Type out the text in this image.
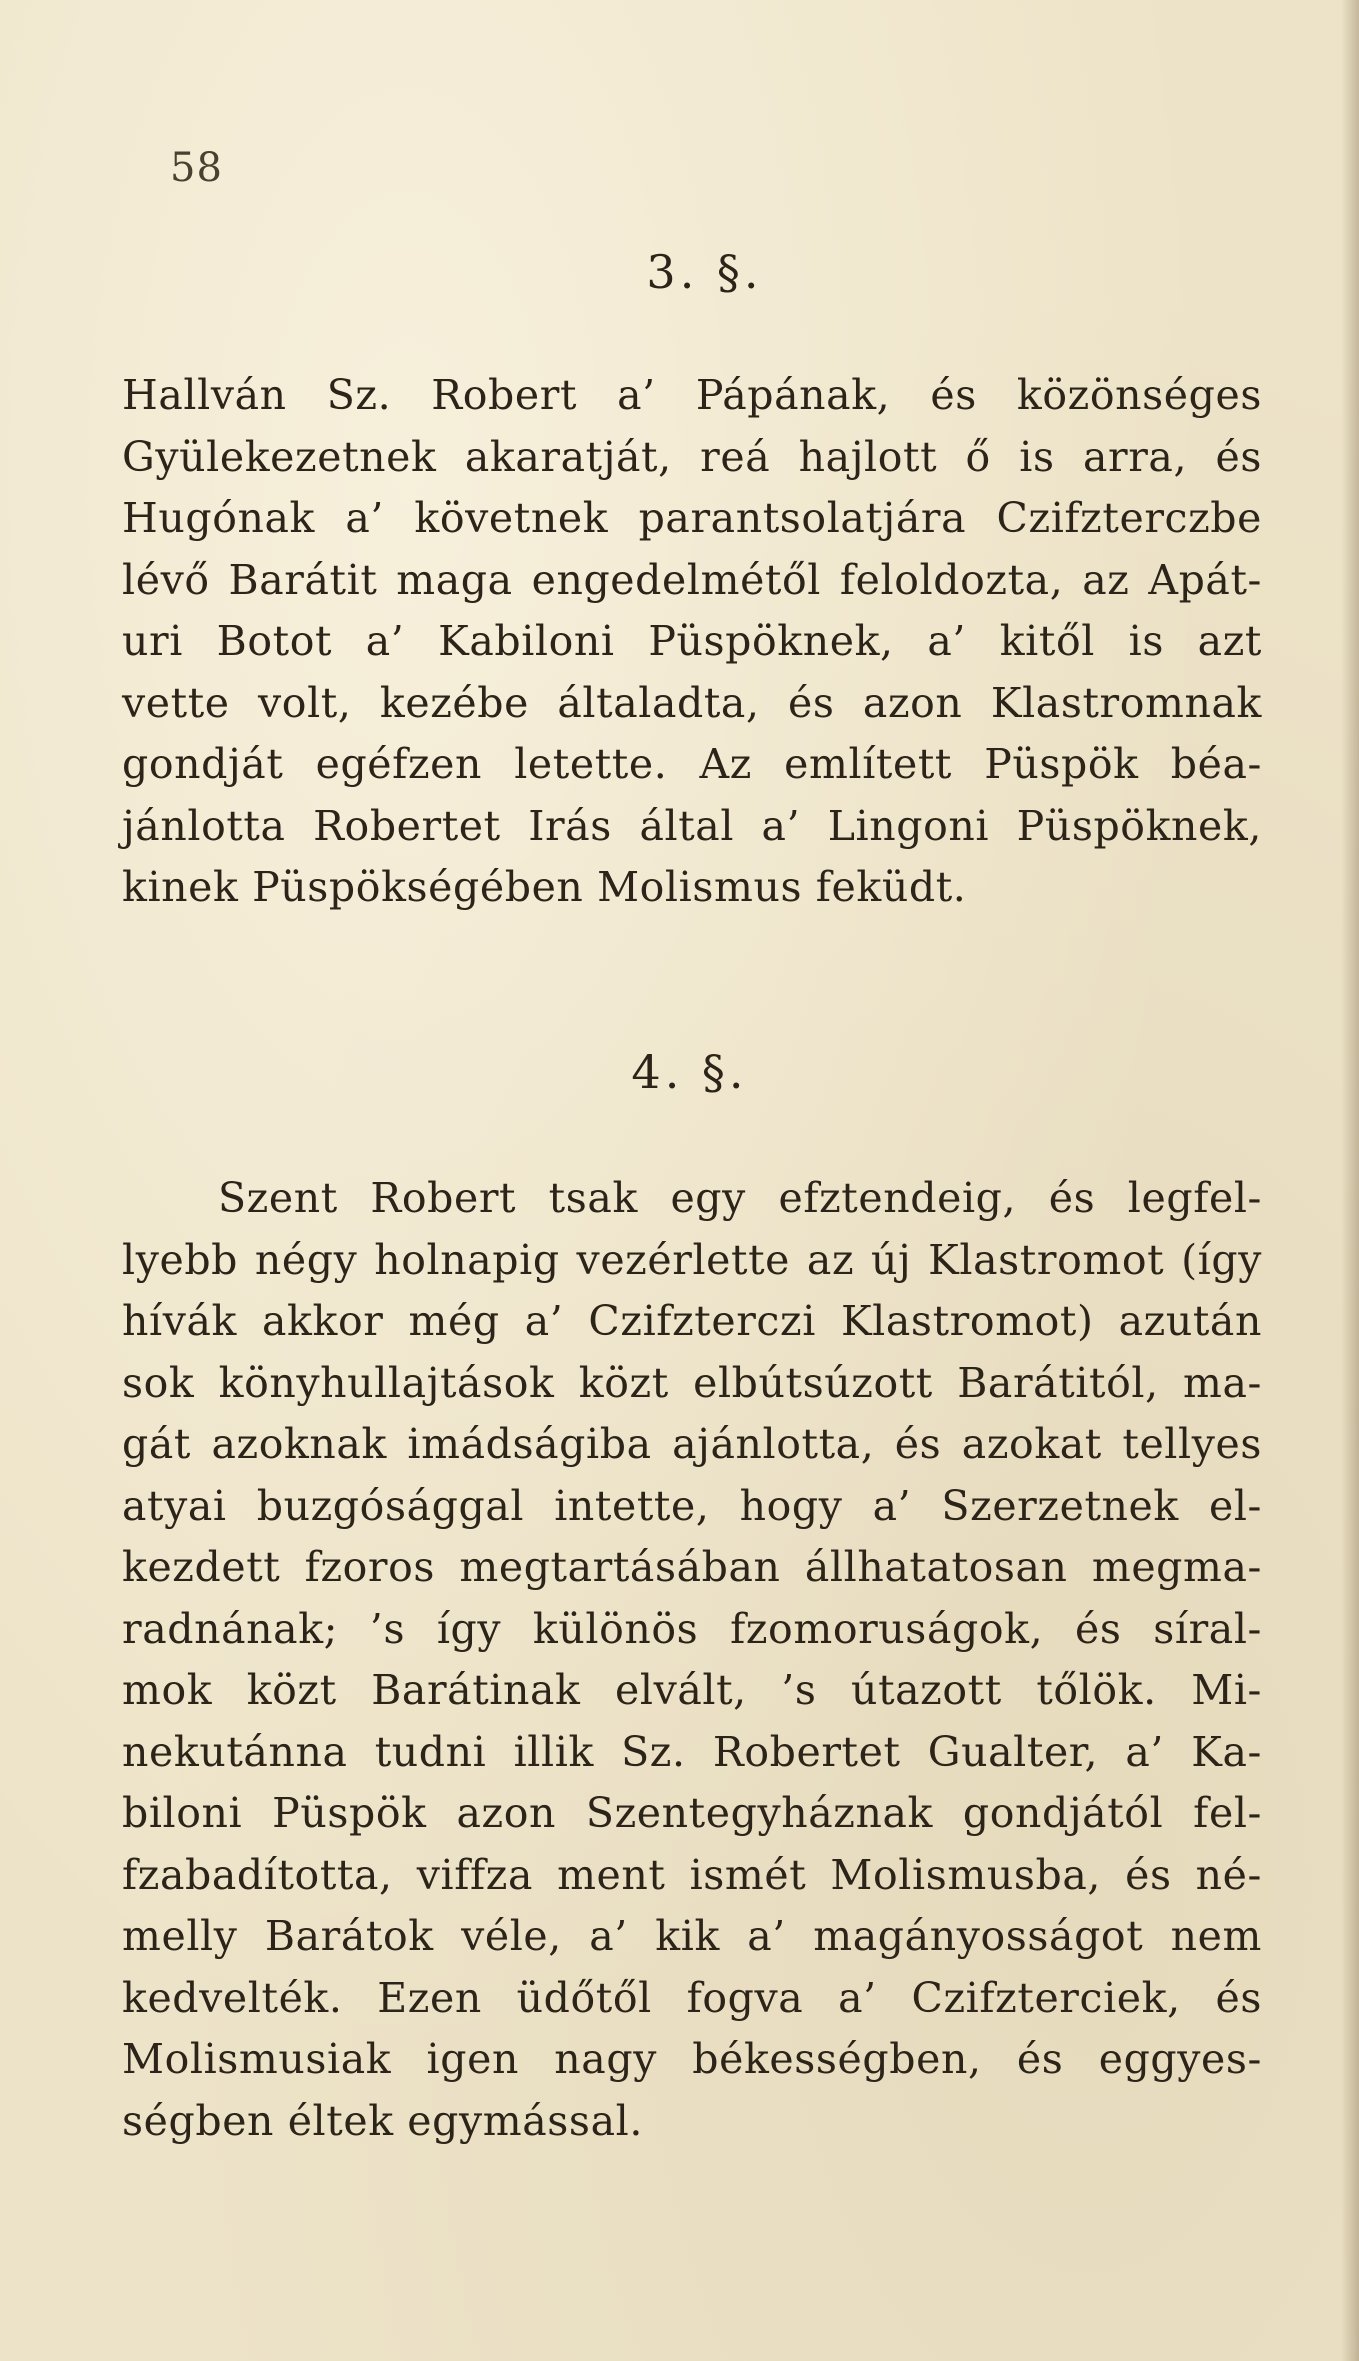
58
3. §.
Hallván Sz. Robert a’ Pápának, és közönséges
Gyülekezetnek akaratját, reá hajlott ő is arra, és
Hugónak a’ követnek parantsolatjára Czifzterczbe
lévő Barátit maga engedelmétől feloldozta, az Apát-
uri Botot a’ Kabiloni Püspöknek, a’ kitől is azt
vette volt, kezébe általadta, és azon Klastromnak
gondját egéfzen letette. Az említett Püspök béa-
jánlotta Robertet Irás által a’ Lingoni Püspöknek,
kinek Püspökségében Molismus feküdt.
4. §.
Szent Robert tsak egy efztendeig, és legfel-
lyebb négy holnapig vezérlette az új Klastromot (így
hívák akkor még a’ Czifzterczi Klastromot) azután
sok könyhullajtások közt elbútsúzott Barátitól, ma-
gát azoknak imádságiba ajánlotta, és azokat tellyes
atyai buzgósággal intette, hogy a’ Szerzetnek el-
kezdett fzoros megtartásában állhatatosan megma-
radnának; ’s így különös fzomoruságok, és síral-
mok közt Barátinak elvált, ’s útazott tőlök. Mi-
nekutánna tudni illik Sz. Robertet Gualter, a’ Ka-
biloni Püspök azon Szentegyháznak gondjától fel-
fzabadította, viffza ment ismét Molismusba, és né-
melly Barátok véle, a’ kik a’ magányosságot nem
kedvelték. Ezen üdőtől fogva a’ Czifzterciek, és
Molismusiak igen nagy békességben, és eggyes-
ségben éltek egymással.
